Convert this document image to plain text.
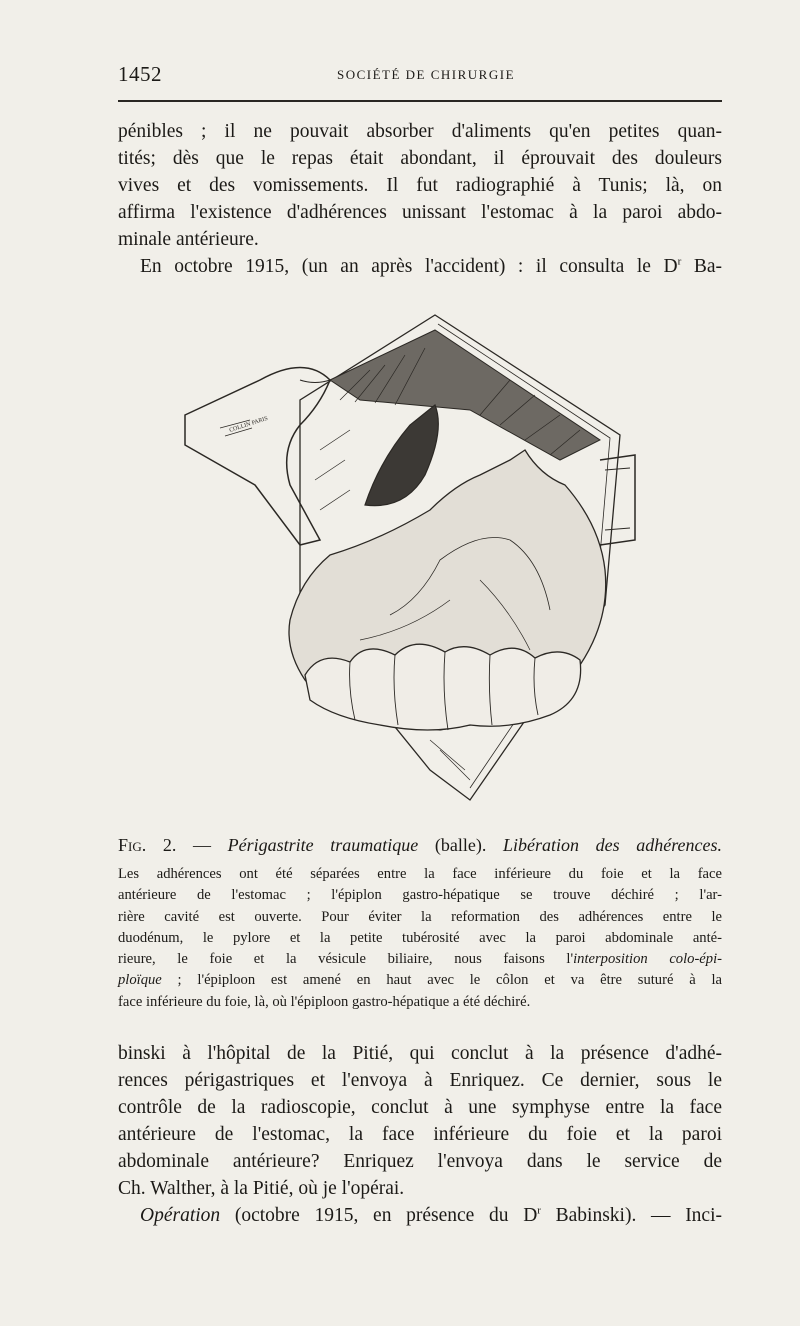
1452	SOCIÉTÉ DE CHIRURGIE
pénibles ; il ne pouvait absorber d'aliments qu'en petites quan-
tités; dès que le repas était abondant, il éprouvait des douleurs
vives et des vomissements. Il fut radiographié à Tunis; là, on
affirma l'existence d'adhérences unissant l'estomac à la paroi abdo-
minale antérieure.
En octobre 1915, (un an après l'accident) : il consulta le $D^r$ Ba-
COLLIN PARIS
Fig. 2. — Périgastrite traumatique (balle). Libération des adhérences.
Les adhérences ont été séparées entre la face inférieure du foie et la face
antérieure de l'estomac ; l'épiplon gastro-hépatique se trouve déchiré ; l'ar-
rière cavité est ouverte. Pour éviter la reformation des adhérences entre le
duodénum, le pylore et la petite tubérosité avec la paroi abdominale anté-
rieure, le foie et la vésicule biliaire, nous faisons l'interposition colo-épi-
ploïque ; l'épiploon est amené en haut avec le côlon et va être suturé à la
face inférieure du foie, là, où l'épiploon gastro-hépatique a été déchiré.
binski à l'hôpital de la Pitié, qui conclut à la présence d'adhé-
rences périgastriques et l'envoya à Enriquez. Ce dernier, sous le
contrôle de la radioscopie, conclut à une symphyse entre la face
antérieure de l'estomac, la face inférieure du foie et la paroi
abdominale antérieure? Enriquez l'envoya dans le service de
Ch. Walther, à la Pitié, où je l'opérai.
Opération (octobre 1915, en présence du $D^r$ Babinski). — Inci-
